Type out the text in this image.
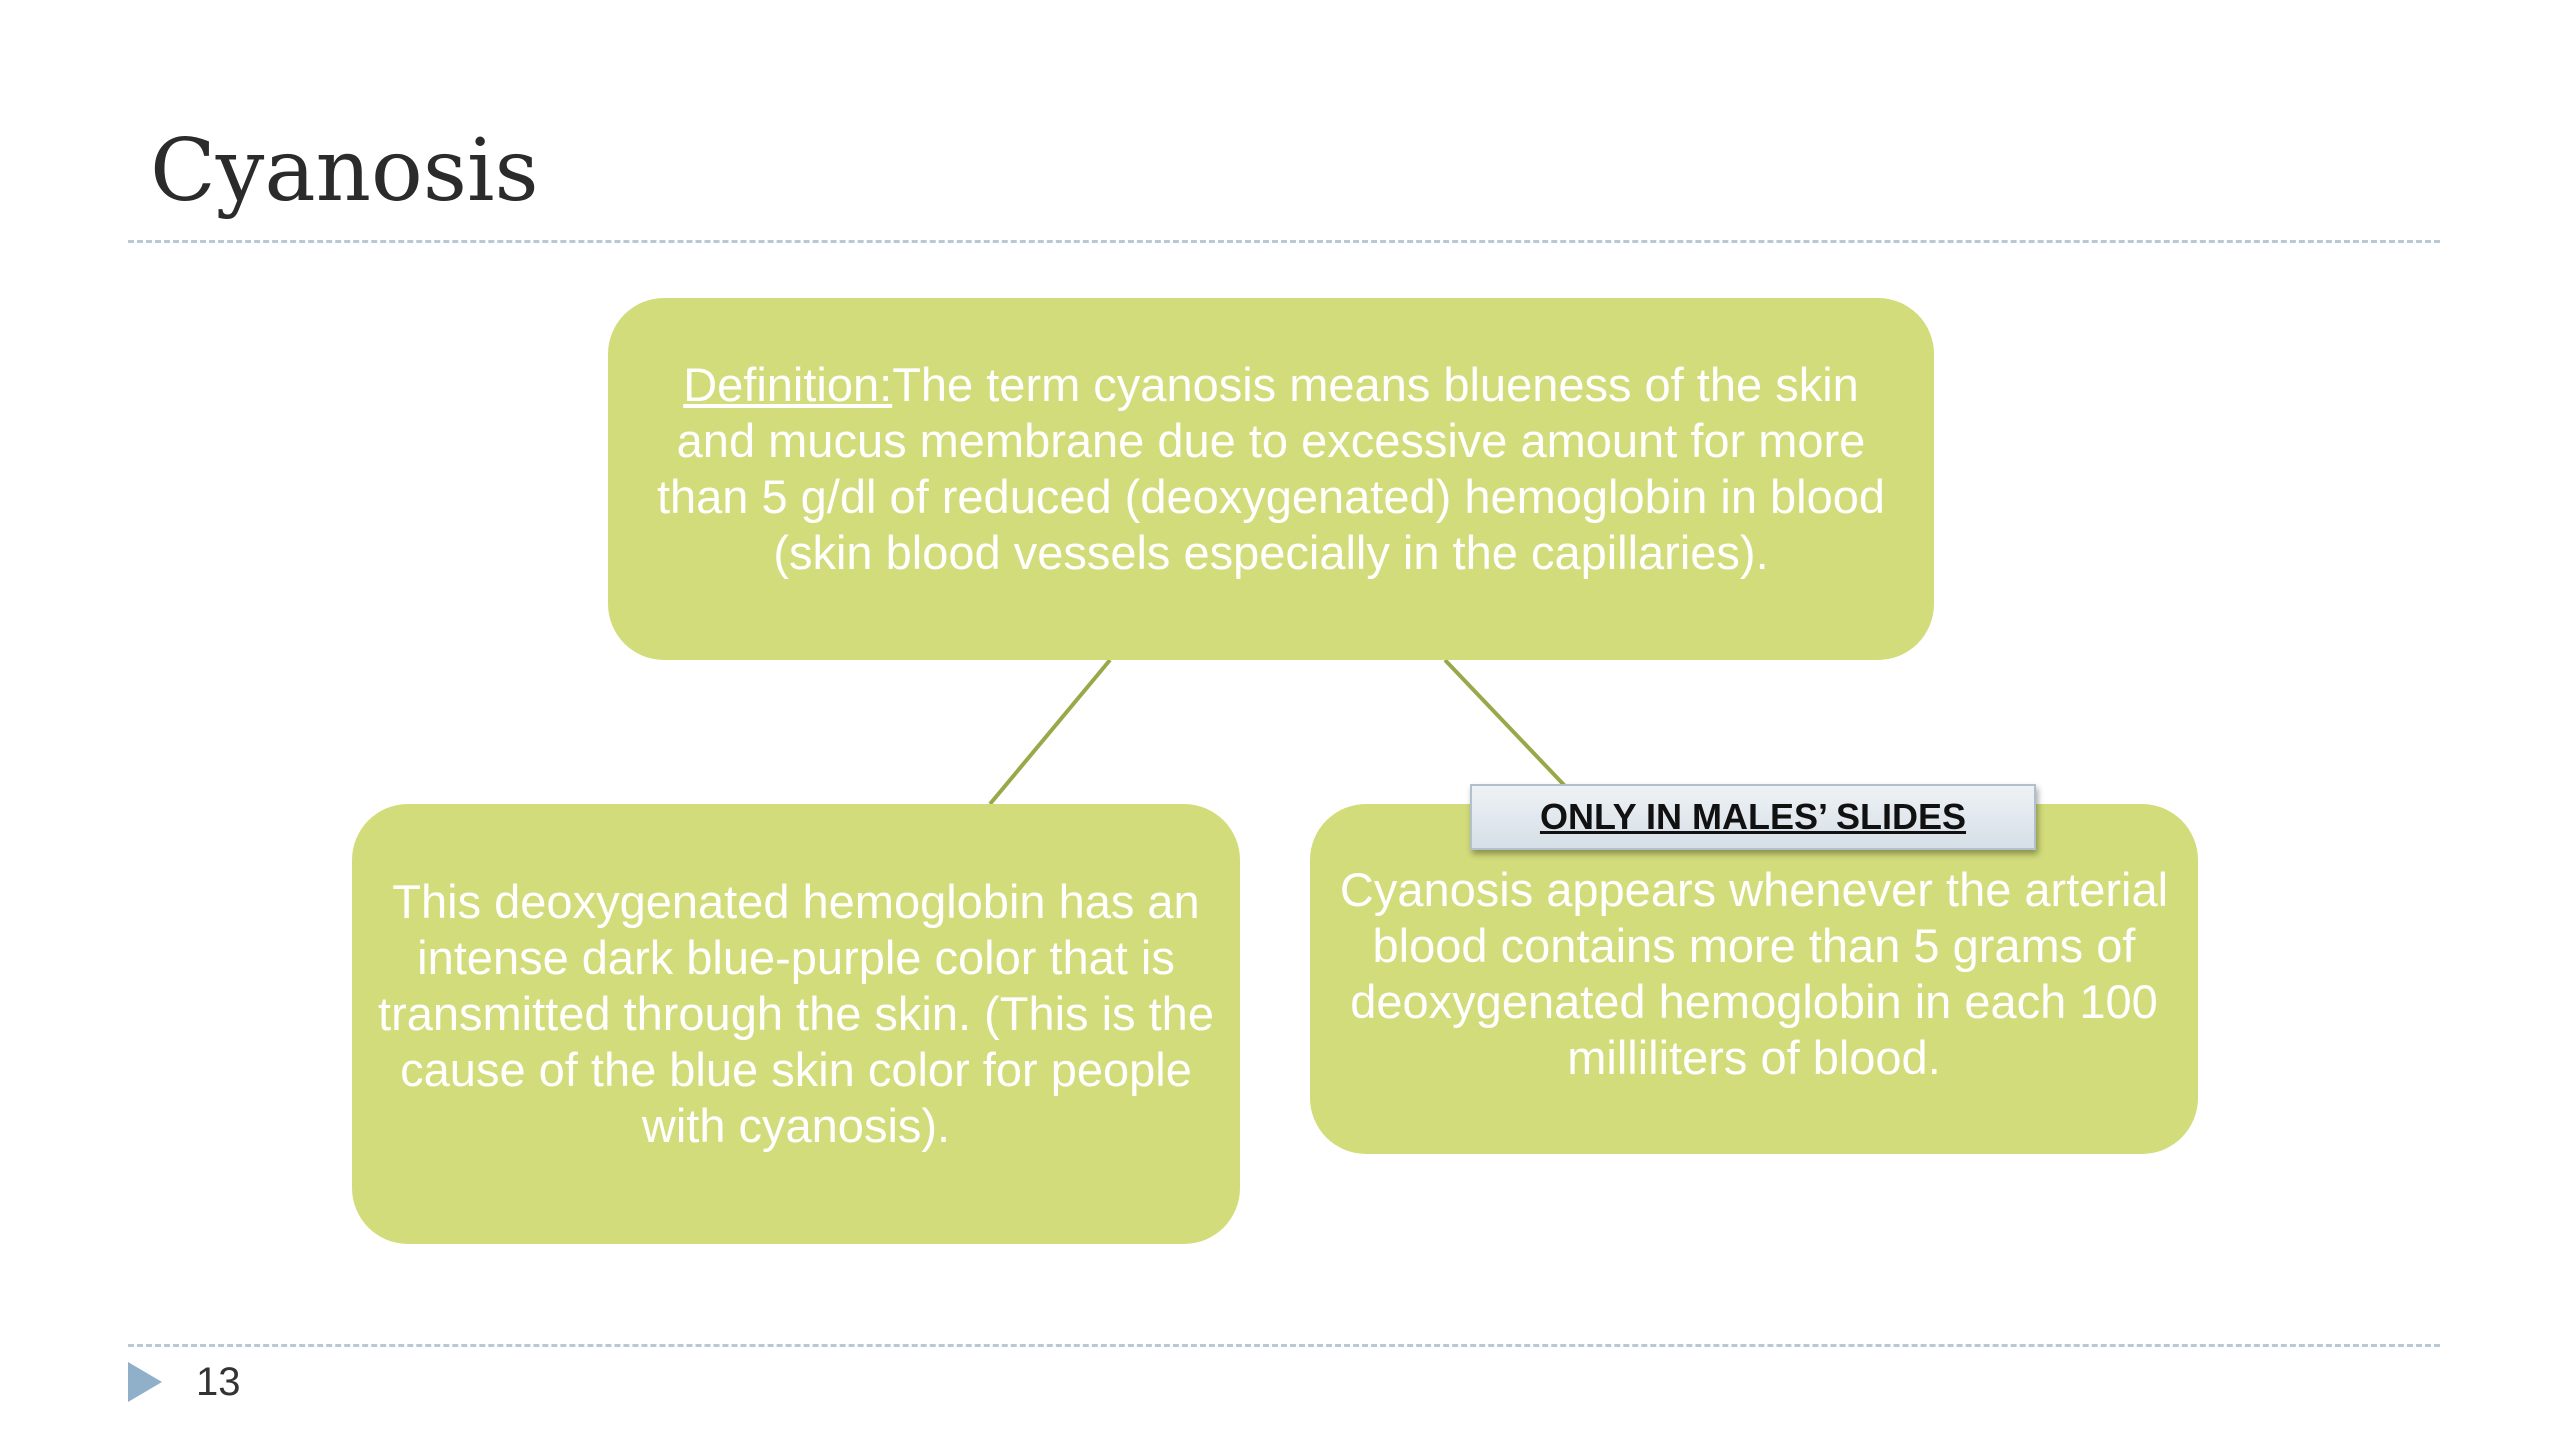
Cyanosis

Definition:The term cyanosis means blueness of the skin and mucus membrane due to excessive amount for more than 5 g/dl of reduced (deoxygenated) hemoglobin in blood (skin blood vessels especially in the capillaries).

This deoxygenated hemoglobin has an intense dark blue-purple color that is transmitted through the skin. (This is the cause of the blue skin color for people with cyanosis).

Cyanosis appears whenever the arterial blood contains more than 5 grams of deoxygenated hemoglobin in each 100 milliliters of blood.

ONLY IN MALES’ SLIDES
13
